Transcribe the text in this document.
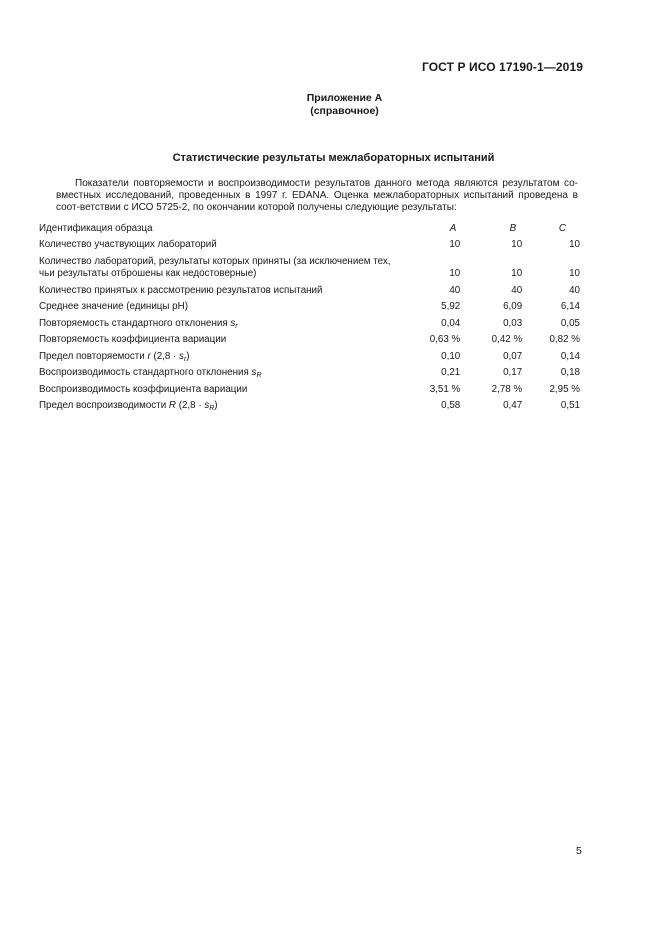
ГОСТ Р ИСО 17190-1—2019
Приложение А
(справочное)
Статистические результаты межлабораторных испытаний

Показатели повторяемости и воспроизводимости результатов данного метода являются результатом со-вместных исследований, проведенных в 1997 г. EDANA. Оценка межлабораторных испытаний проведена в соот-ветствии с ИСО 5725-2, по окончании которой получены следующие результаты:

Идентификация образца	A	B	C
Количество участвующих лабораторий	10	10	10
Количество лабораторий, результаты которых приняты (за исключением тех, чьи результаты отброшены как недостоверные)	10	10	10
Количество принятых к рассмотрению результатов испытаний	40	40	40
Среднее значение (единицы pH)	5,92	6,09	6,14
Повторяемость стандартного отклонения $s_r$	0,04	0,03	0,05
Повторяемость коэффициента вариации	0,63 %	0,42 %	0,82 %
Предел повторяемости r $(2,8 \cdot s_r)$	0,10	0,07	0,14
Воспроизводимость стандартного отклонения $s_R$	0,21	0,17	0,18
Воспроизводимость коэффициента вариации	3,51 %	2,78 %	2,95 %
Предел воспроизводимости R $(2,8 \cdot s_R)$	0,58	0,47	0,51
5
